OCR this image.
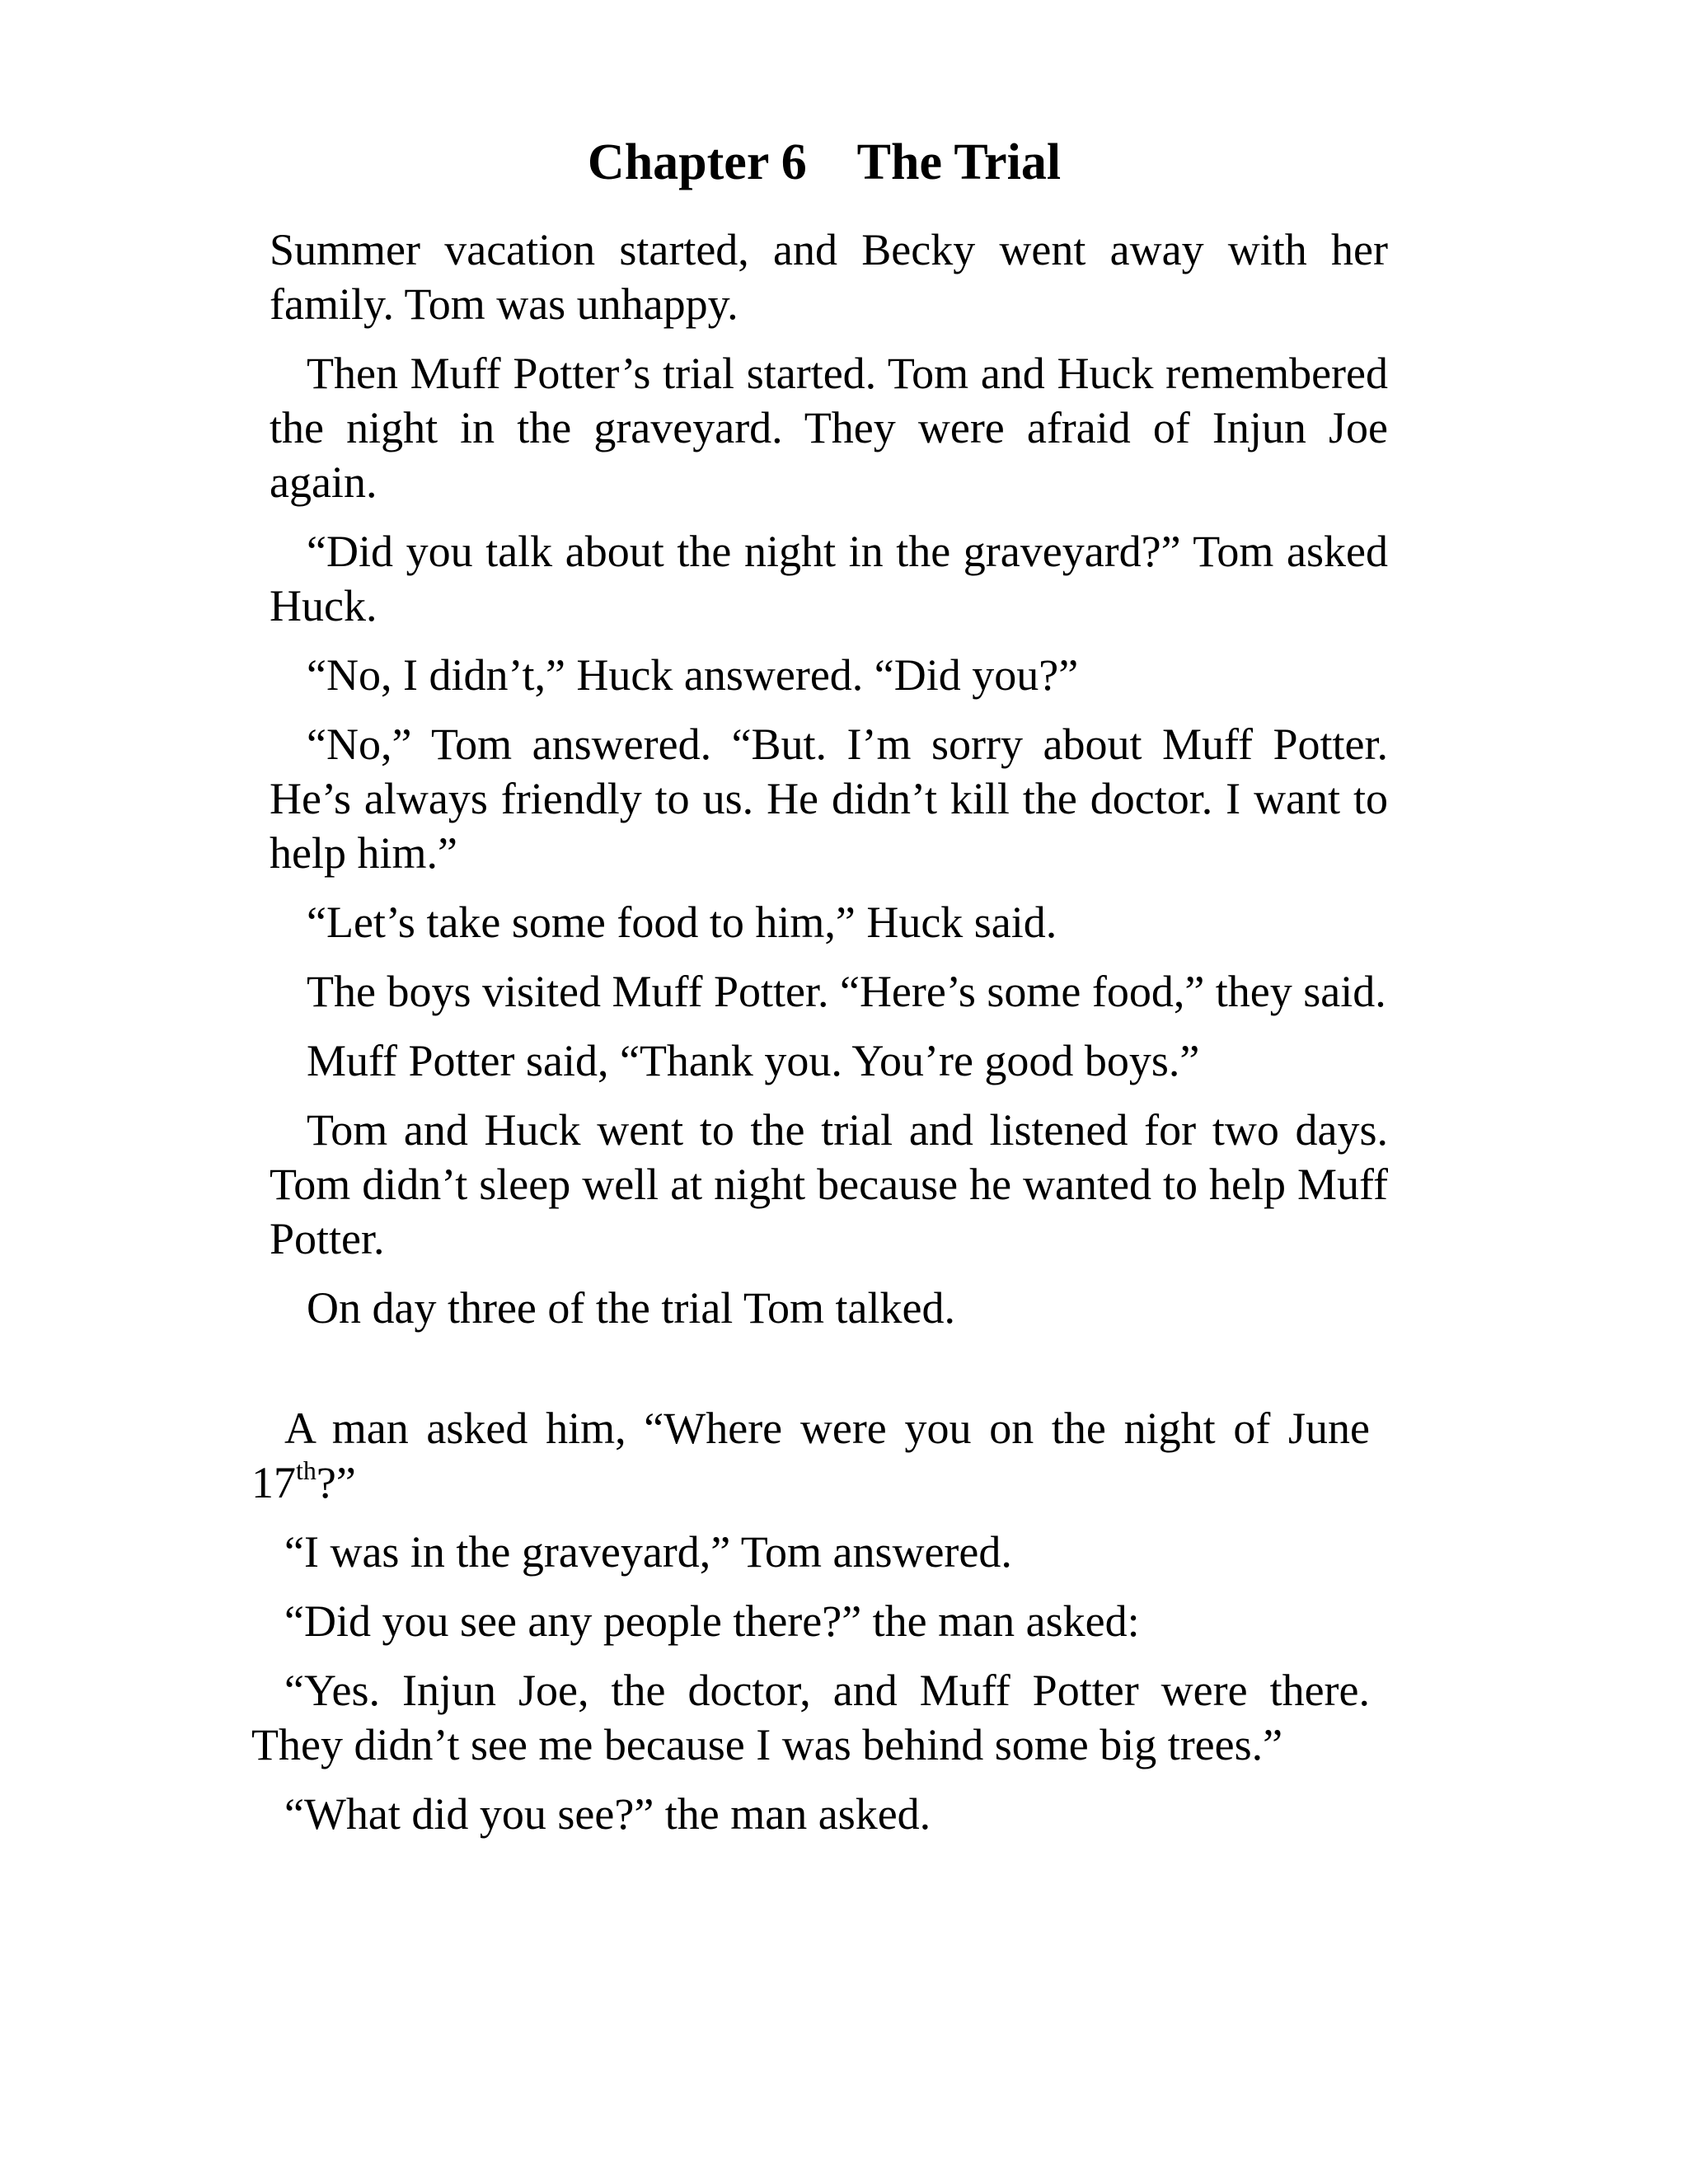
Chapter 6    The Trial

Summer vacation started, and Becky went away with her family. Tom was unhappy.

Then Muff Potter’s trial started. Tom and Huck remembered the night in the graveyard. They were afraid of Injun Joe again.

“Did you talk about the night in the graveyard?” Tom asked Huck.

“No, I didn’t,” Huck answered. “Did you?”

“No,” Tom answered. “But. I’m sorry about Muff Potter. He’s always friendly to us. He didn’t kill the doctor. I want to help him.”

“Let’s take some food to him,” Huck said.

The boys visited Muff Potter. “Here’s some food,” they said.

Muff Potter said, “Thank you. You’re good boys.”

Tom and Huck went to the trial and listened for two days. Tom didn’t sleep well at night because he wanted to help Muff Potter.

On day three of the trial Tom talked.

A man asked him, “Where were you on the night of June 17th?”

“I was in the graveyard,” Tom answered.

“Did you see any people there?” the man asked:

“Yes. Injun Joe, the doctor, and Muff Potter were there. They didn’t see me because I was behind some big trees.”

“What did you see?” the man asked.
